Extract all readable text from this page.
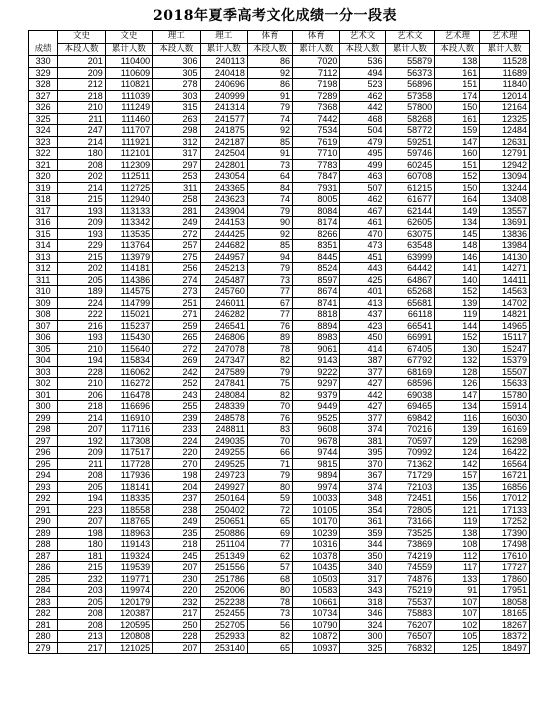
2018年夏季高考文化成绩一分一段表
成绩	文史	文史	理工	理工	体育	体育	艺术文	艺术文	艺术理	艺术理
	本段人数	累计人数	本段人数	累计人数	本段人数	累计人数	本段人数	累计人数	本段人数	累计人数
330	201	110400	306	240113	86	7020	536	55879	138	11528
329	209	110609	305	240418	92	7112	494	56373	161	11689
328	212	110821	278	240696	86	7198	523	56896	151	11840
327	218	111039	303	240999	91	7289	462	57358	174	12014
326	210	111249	315	241314	79	7368	442	57800	150	12164
325	211	111460	263	241577	74	7442	468	58268	161	12325
324	247	111707	298	241875	92	7534	504	58772	159	12484
323	214	111921	312	242187	85	7619	479	59251	147	12631
322	180	112101	317	242504	91	7710	495	59746	160	12791
321	208	112309	297	242801	73	7783	499	60245	151	12942
320	202	112511	253	243054	64	7847	463	60708	152	13094
319	214	112725	311	243365	84	7931	507	61215	150	13244
318	215	112940	258	243623	74	8005	462	61677	164	13408
317	193	113133	281	243904	79	8084	467	62144	149	13557
316	209	113342	249	244153	90	8174	461	62605	134	13691
315	193	113535	272	244425	92	8266	470	63075	145	13836
314	229	113764	257	244682	85	8351	473	63548	148	13984
313	215	113979	275	244957	94	8445	451	63999	146	14130
312	202	114181	256	245213	79	8524	443	64442	141	14271
311	205	114386	274	245487	73	8597	425	64867	140	14411
310	189	114575	273	245760	77	8674	401	65268	152	14563
309	224	114799	251	246011	67	8741	413	65681	139	14702
308	222	115021	271	246282	77	8818	437	66118	119	14821
307	216	115237	259	246541	76	8894	423	66541	144	14965
306	193	115430	265	246806	89	8983	450	66991	152	15117
305	210	115640	272	247078	78	9061	414	67405	130	15247
304	194	115834	269	247347	82	9143	387	67792	132	15379
303	228	116062	242	247589	79	9222	377	68169	128	15507
302	210	116272	252	247841	75	9297	427	68596	126	15633
301	206	116478	243	248084	82	9379	442	69038	147	15780
300	218	116696	255	248339	70	9449	427	69465	134	15914
299	214	116910	239	248578	76	9525	377	69842	116	16030
298	207	117116	233	248811	83	9608	374	70216	139	16169
297	192	117308	224	249035	70	9678	381	70597	129	16298
296	209	117517	220	249255	66	9744	395	70992	124	16422
295	211	117728	270	249525	71	9815	370	71362	142	16564
294	208	117936	198	249723	79	9894	367	71729	157	16721
293	205	118141	204	249927	80	9974	374	72103	135	16856
292	194	118335	237	250164	59	10033	348	72451	156	17012
291	223	118558	238	250402	72	10105	354	72805	121	17133
290	207	118765	249	250651	65	10170	361	73166	119	17252
289	198	118963	235	250886	69	10239	359	73525	138	17390
288	180	119143	218	251104	77	10316	344	73869	108	17498
287	181	119324	245	251349	62	10378	350	74219	112	17610
286	215	119539	207	251556	57	10435	340	74559	117	17727
285	232	119771	230	251786	68	10503	317	74876	133	17860
284	203	119974	220	252006	80	10583	343	75219	91	17951
283	205	120179	232	252238	78	10661	318	75537	107	18058
282	208	120387	217	252455	73	10734	346	75883	107	18165
281	208	120595	250	252705	56	10790	324	76207	102	18267
280	213	120808	228	252933	82	10872	300	76507	105	18372
279	217	121025	207	253140	65	10937	325	76832	125	18497
